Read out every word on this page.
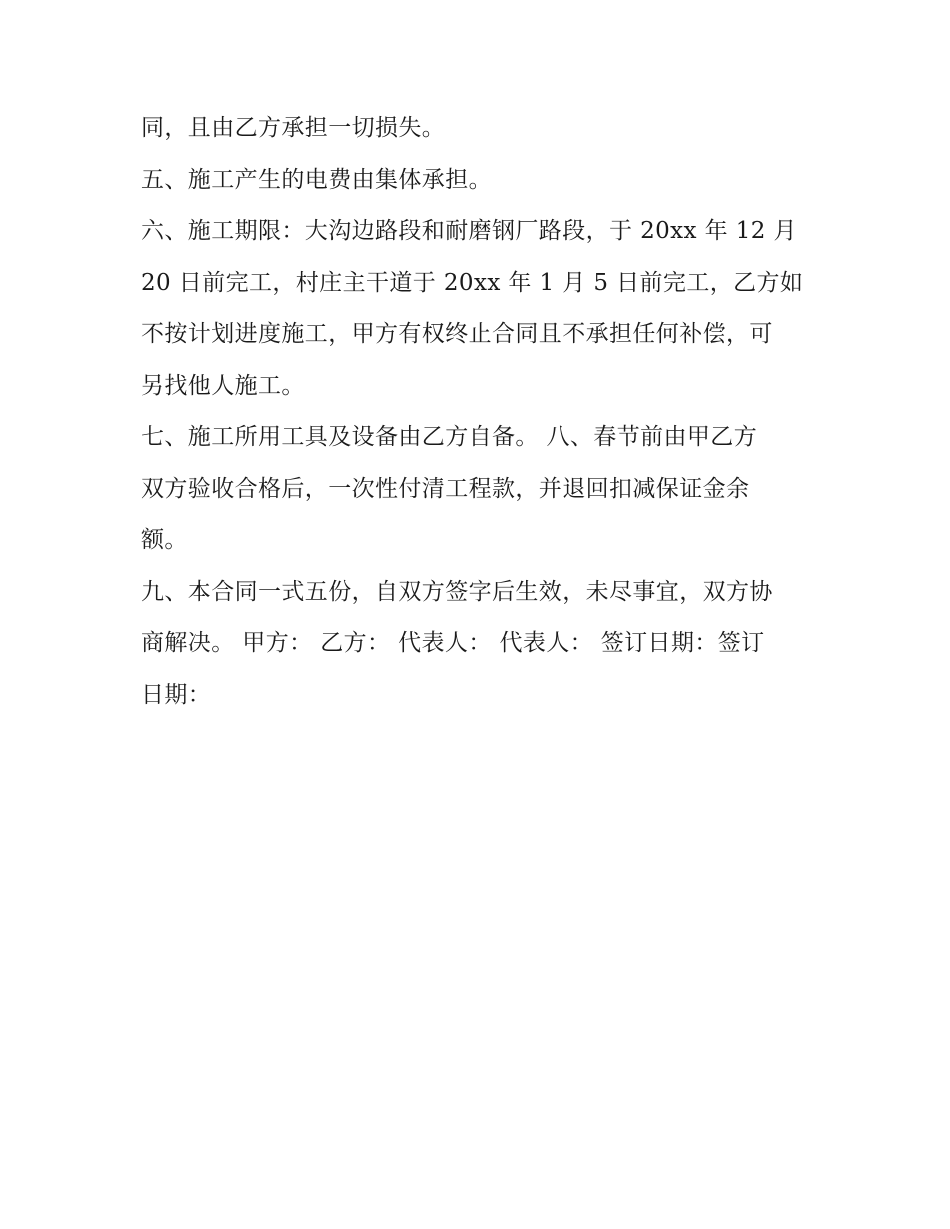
同，且由乙方承担一切损失。
五、施工产生的电费由集体承担。
六、施工期限：大沟边路段和耐磨钢厂路段，于 20xx 年 12 月
20 日前完工，村庄主干道于 20xx 年 1 月 5 日前完工，乙方如
不按计划进度施工，甲方有权终止合同且不承担任何补偿，可
另找他人施工。
七、施工所用工具及设备由乙方自备。 八、春节前由甲乙方
双方验收合格后，一次性付清工程款，并退回扣减保证金余
额。
九、本合同一式五份，自双方签字后生效，未尽事宜，双方协
商解决。 甲方： 乙方： 代表人： 代表人： 签订日期：签订
日期：
